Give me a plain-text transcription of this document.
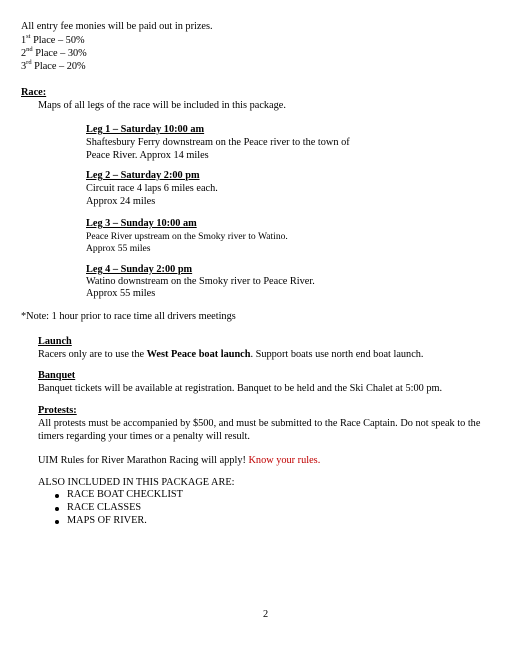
All entry fee monies will be paid out in prizes.
1st Place – 50%
2nd Place – 30%
3rd Place – 20%
Race:
Maps of all legs of the race will be included in this package.
Leg 1 – Saturday 10:00 am
Shaftesbury Ferry downstream on the Peace river to the town of
Peace River. Approx 14 miles
Leg 2 – Saturday 2:00 pm
Circuit race 4 laps 6 miles each.
Approx 24 miles
Leg 3 – Sunday 10:00 am
Peace River upstream on the Smoky river to Watino.
Approx 55 miles
Leg 4 – Sunday 2:00 pm
Watino downstream on the Smoky river to Peace River.
Approx 55 miles
*Note: 1 hour prior to race time all drivers meetings
Launch
Racers only are to use the West Peace boat launch. Support boats use north end boat launch.
Banquet
Banquet tickets will be available at registration. Banquet to be held and the Ski Chalet at 5:00 pm.
Protests:
All protests must be accompanied by $500, and must be submitted to the Race Captain. Do not speak to the
timers regarding your times or a penalty will result.
UIM Rules for River Marathon Racing will apply! Know your rules.
ALSO INCLUDED IN THIS PACKAGE ARE:
RACE BOAT CHECKLIST
RACE CLASSES
MAPS OF RIVER.
2
